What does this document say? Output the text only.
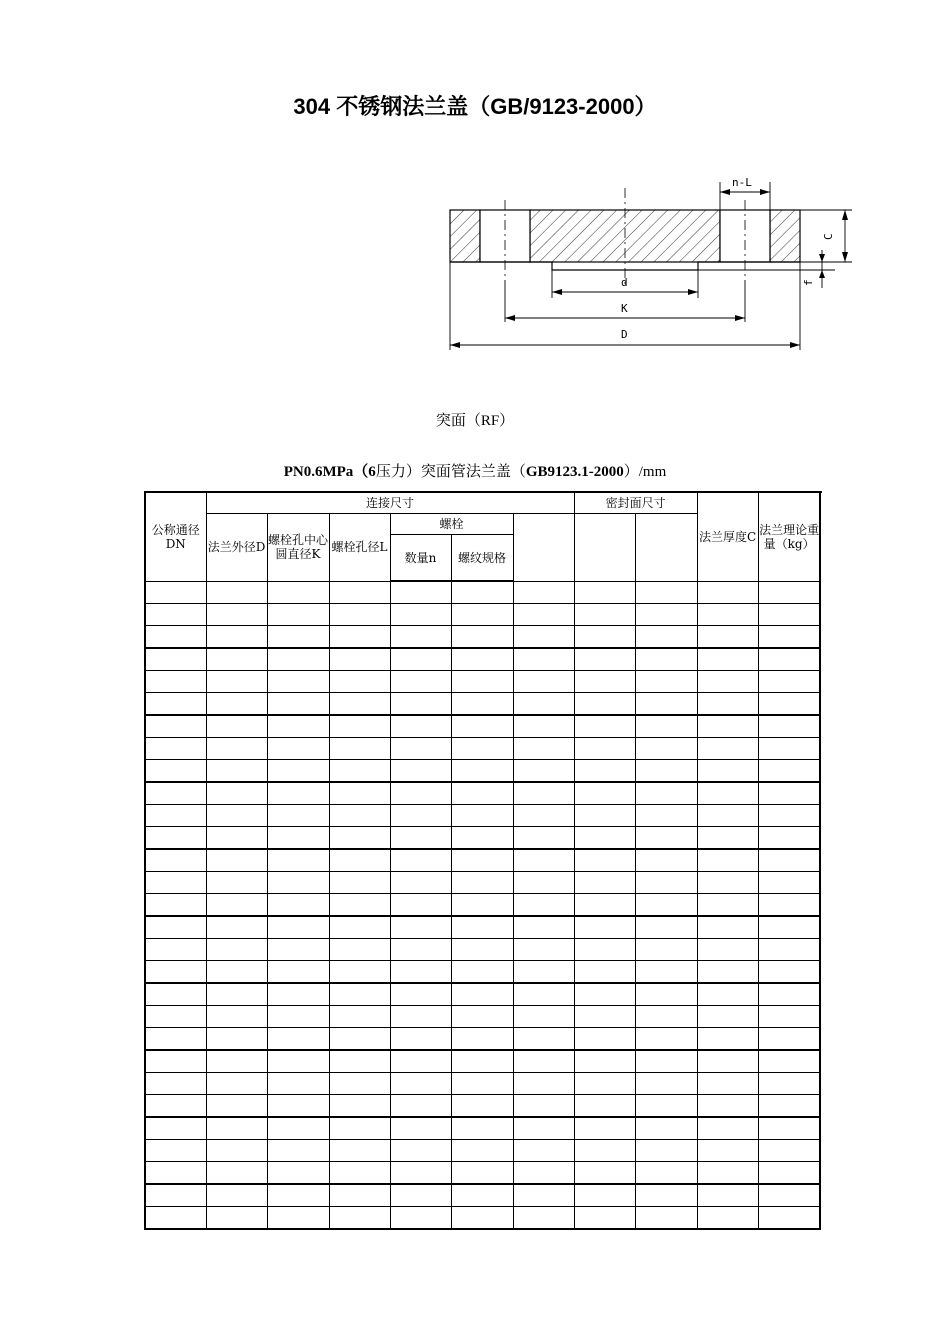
304 不锈钢法兰盖（GB/9123-2000）
n-L
d
K
D
C
f
突面（RF）
PN0.6MPa（6压力）突面管法兰盖（GB9123.1-2000）/mm
公称通径DN	连接尺寸						密封面尺寸		法兰厚度C	法兰理论重量（kg）	
	法兰外径D	螺栓孔中心圆直径K	螺栓孔径L	螺栓							
				数量n	螺纹规格						
